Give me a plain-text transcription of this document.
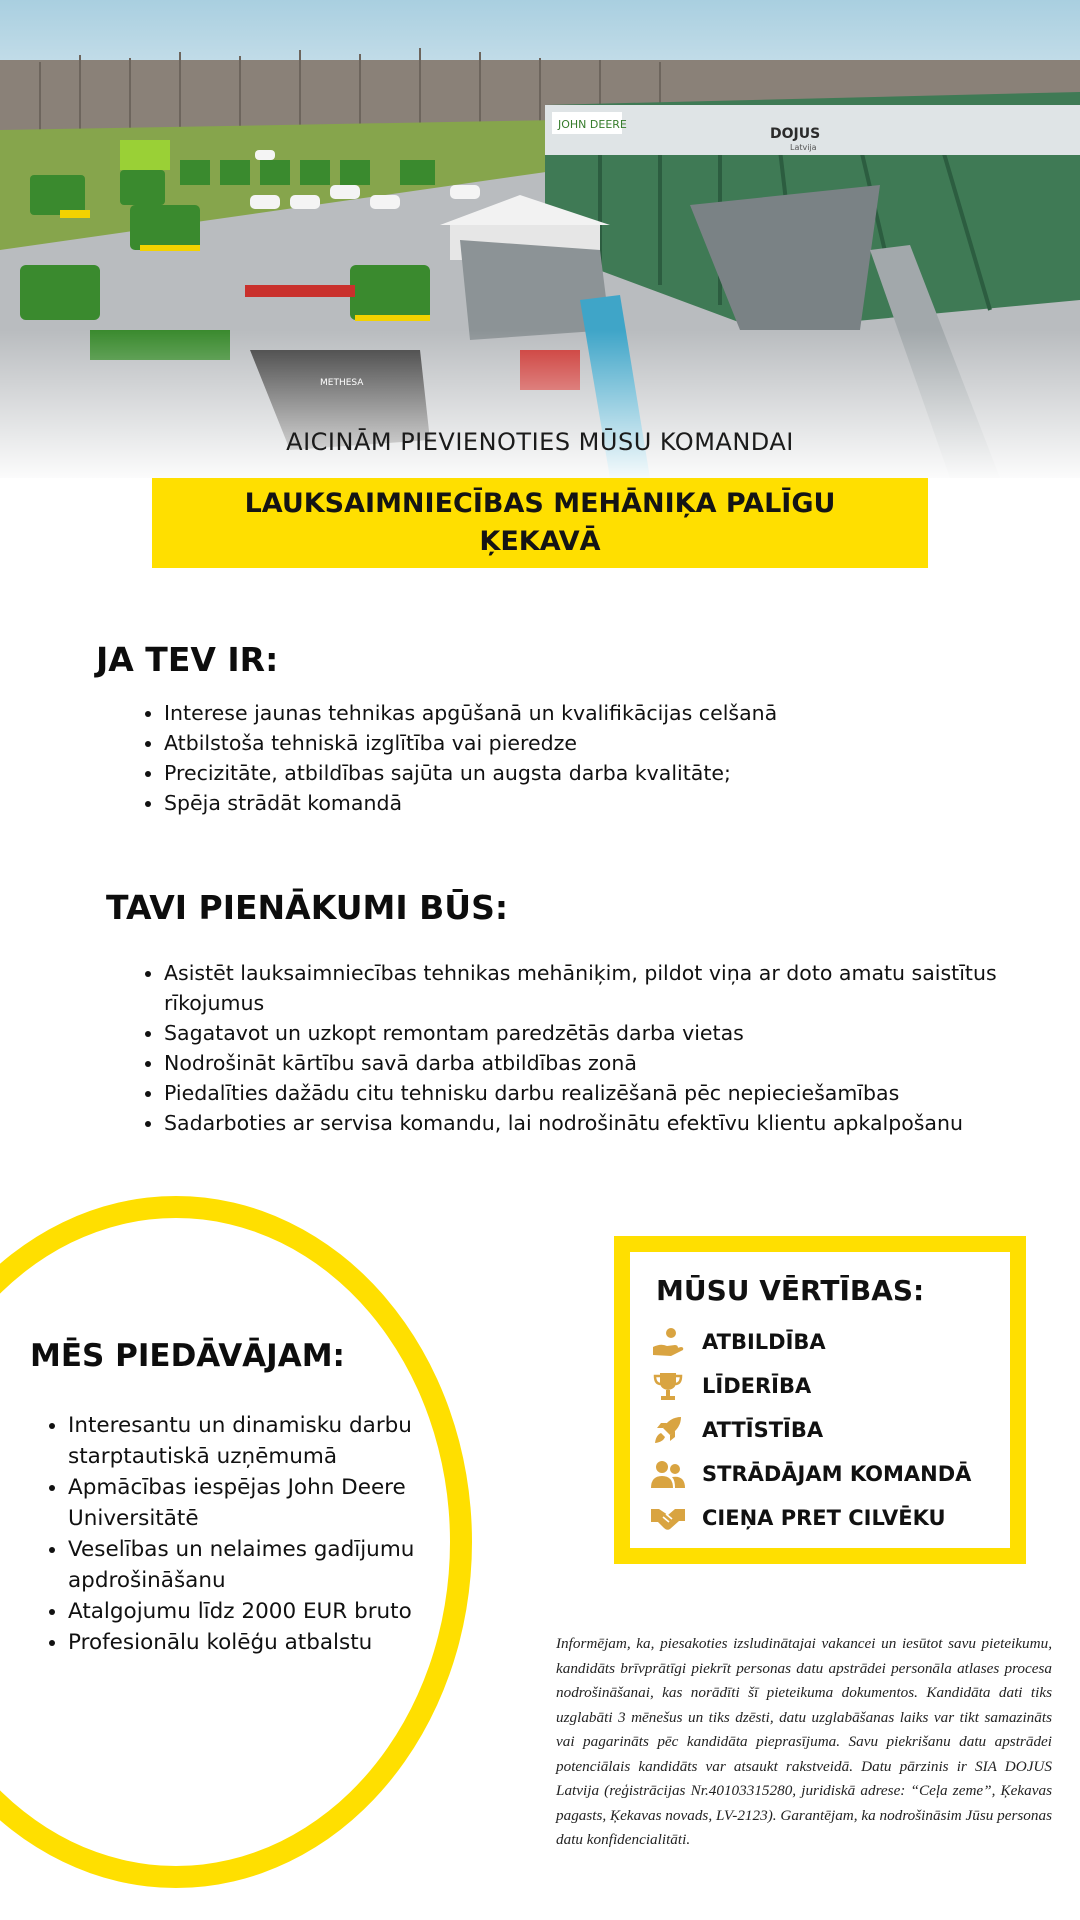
JOHN DEERE
DOJUS
Latvija
AICINĀM PIEVIENOTIES MŪSU KOMANDAI
LAUKSAIMNIECĪBAS MEHĀNIĶA PALĪGU
ĶEKAVĀ
JA TEV IR:
• Interese jaunas tehnikas apgūšanā un kvalifikācijas celšanā
• Atbilstoša tehniskā izglītība vai pieredze
• Precizitāte, atbildības sajūta un augsta darba kvalitāte;
• Spēja strādāt komandā
TAVI PIENĀKUMI BŪS:
• Asistēt lauksaimniecības tehnikas mehāniķim, pildot viņa ar doto amatu saistītus rīkojumus
• Sagatavot un uzkopt remontam paredzētās darba vietas
• Nodrošināt kārtību savā darba atbildības zonā
• Piedalīties dažādu citu tehnisku darbu realizēšanā pēc nepieciešamības
• Sadarboties ar servisa komandu, lai nodrošinātu efektīvu klientu apkalpošanu
MĒS PIEDĀVĀJAM:
• Interesantu un dinamisku darbu starptautiskā uzņēmumā
• Apmācības iespējas John Deere Universitātē
• Veselības un nelaimes gadījumu apdrošināšanu
• Atalgojumu līdz 2000 EUR bruto
• Profesionālu kolēģu atbalstu
MŪSU VĒRTĪBAS:
ATBILDĪBA
LĪDERĪBA
ATTĪSTĪBA
STRĀDĀJAM KOMANDĀ
CIEŅA PRET CILVĒKU

Informējam, ka, piesakoties izsludinātajai vakancei un iesūtot savu pieteikumu, kandidāts brīvprātīgi piekrīt personas datu apstrādei personāla atlases procesa nodrošināšanai, kas norādīti šī pieteikuma dokumentos. Kandidāta dati tiks uzglabāti 3 mēnešus un tiks dzēsti, datu uzglabāšanas laiks var tikt samazināts vai pagarināts pēc kandidāta pieprasījuma. Savu piekrišanu datu apstrādei potenciālais kandidāts var atsaukt rakstveidā. Datu pārzinis ir SIA DOJUS Latvija (reģistrācijas Nr.40103315280, juridiskā adrese: “Ceļa zeme”, Ķekavas pagasts, Ķekavas novads, LV-2123). Garantējam, ka nodrošināsim Jūsu personas datu konfidencialitāti.
